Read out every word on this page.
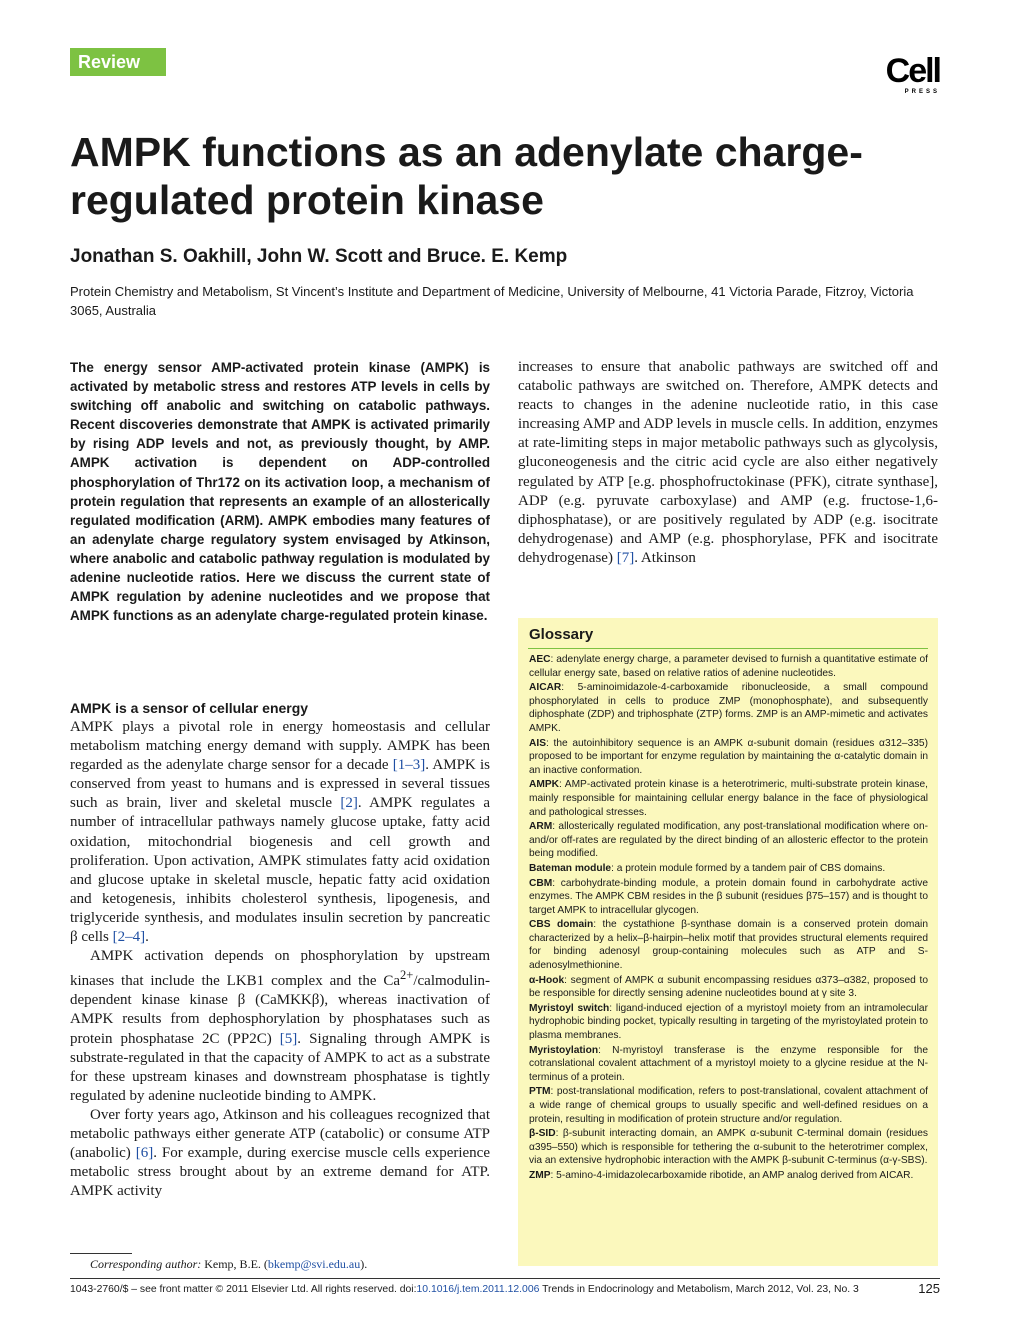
Review	Cell
PRESS
AMPK functions as an adenylate charge-regulated protein kinase
Jonathan S. Oakhill, John W. Scott and Bruce. E. Kemp
Protein Chemistry and Metabolism, St Vincent’s Institute and Department of Medicine, University of Melbourne, 41 Victoria Parade, Fitzroy, Victoria 3065, Australia
The energy sensor AMP-activated protein kinase (AMPK) is activated by metabolic stress and restores ATP levels in cells by switching off anabolic and switching on catabolic pathways. Recent discoveries demonstrate that AMPK is activated primarily by rising ADP levels and not, as previously thought, by AMP. AMPK activation is dependent on ADP-controlled phosphorylation of Thr172 on its activation loop, a mechanism of protein regulation that represents an example of an allosterically regulated modification (ARM). AMPK embodies many features of an adenylate charge regulatory system envisaged by Atkinson, where anabolic and catabolic pathway regulation is modulated by adenine nucleotide ratios. Here we discuss the current state of AMPK regulation by adenine nucleotides and we propose that AMPK functions as an adenylate charge-regulated protein kinase.
AMPK is a sensor of cellular energy

AMPK plays a pivotal role in energy homeostasis and cellular metabolism matching energy demand with supply. AMPK has been regarded as the adenylate charge sensor for a decade [1–3]. AMPK is conserved from yeast to humans and is expressed in several tissues such as brain, liver and skeletal muscle [2]. AMPK regulates a number of intracellular pathways namely glucose uptake, fatty acid oxidation, mitochondrial biogenesis and cell growth and proliferation. Upon activation, AMPK stimulates fatty acid oxidation and glucose uptake in skeletal muscle, hepatic fatty acid oxidation and ketogenesis, inhibits cholesterol synthesis, lipogenesis, and triglyceride synthesis, and modulates insulin secretion by pancreatic β cells [2–4].

AMPK activation depends on phosphorylation by upstream kinases that include the LKB1 complex and the $Ca^{2+}/calmodulin$-dependent kinase kinase β (CaMKKβ), whereas inactivation of AMPK results from dephosphorylation by phosphatases such as protein phosphatase 2C (PP2C) [5]. Signaling through AMPK is substrate-regulated in that the capacity of AMPK to act as a substrate for these upstream kinases and downstream phosphatase is tightly regulated by adenine nucleotide binding to AMPK.

Over forty years ago, Atkinson and his colleagues recognized that metabolic pathways either generate ATP (catabolic) or consume ATP (anabolic) [6]. For example, during exercise muscle cells experience metabolic stress brought about by an extreme demand for ATP. AMPK activity

increases to ensure that anabolic pathways are switched off and catabolic pathways are switched on. Therefore, AMPK detects and reacts to changes in the adenine nucleotide ratio, in this case increasing AMP and ADP levels in muscle cells. In addition, enzymes at rate-limiting steps in major metabolic pathways such as glycolysis, gluconeogenesis and the citric acid cycle are also either negatively regulated by ATP [e.g. phosphofructokinase (PFK), citrate synthase], ADP (e.g. pyruvate carboxylase) and AMP (e.g. fructose-1,6-diphosphatase), or are positively regulated by ADP (e.g. isocitrate dehydrogenase) and AMP (e.g. phosphorylase, PFK and isocitrate dehydrogenase) [7]. Atkinson

Glossary
AEC: adenylate energy charge, a parameter devised to furnish a quantitative estimate of cellular energy sate, based on relative ratios of adenine nucleotides.
AICAR: 5-aminoimidazole-4-carboxamide ribonucleoside, a small compound phosphorylated in cells to produce ZMP (monophosphate), and subsequently diphosphate (ZDP) and triphosphate (ZTP) forms. ZMP is an AMP-mimetic and activates AMPK.
AIS: the autoinhibitory sequence is an AMPK α-subunit domain (residues α312–335) proposed to be important for enzyme regulation by maintaining the α-catalytic domain in an inactive conformation.
AMPK: AMP-activated protein kinase is a heterotrimeric, multi-substrate protein kinase, mainly responsible for maintaining cellular energy balance in the face of physiological and pathological stresses.
ARM: allosterically regulated modification, any post-translational modification where on- and/or off-rates are regulated by the direct binding of an allosteric effector to the protein being modified.
Bateman module: a protein module formed by a tandem pair of CBS domains.
CBM: carbohydrate-binding module, a protein domain found in carbohydrate active enzymes. The AMPK CBM resides in the β subunit (residues β75–157) and is thought to target AMPK to intracellular glycogen.
CBS domain: the cystathione β-synthase domain is a conserved protein domain characterized by a helix–β-hairpin–helix motif that provides structural elements required for binding adenosyl group-containing molecules such as ATP and S-adenosylmethionine.
α-Hook: segment of AMPK α subunit encompassing residues α373–α382, proposed to be responsible for directly sensing adenine nucleotides bound at γ site 3.
Myristoyl switch: ligand-induced ejection of a myristoyl moiety from an intramolecular hydrophobic binding pocket, typically resulting in targeting of the myristoylated protein to plasma membranes.
Myristoylation: N-myristoyl transferase is the enzyme responsible for the cotranslational covalent attachment of a myristoyl moiety to a glycine residue at the N-terminus of a protein.
PTM: post-translational modification, refers to post-translational, covalent attachment of a wide range of chemical groups to usually specific and well-defined residues on a protein, resulting in modification of protein structure and/or regulation.
β-SID: β-subunit interacting domain, an AMPK α-subunit C-terminal domain (residues α395–550) which is responsible for tethering the α-subunit to the heterotrimer complex, via an extensive hydrophobic interaction with the AMPK β-subunit C-terminus (α-γ-SBS).
ZMP: 5-amino-4-imidazolecarboxamide ribotide, an AMP analog derived from AICAR.
Corresponding author: Kemp, B.E. (bkemp@svi.edu.au).
1043-2760/$ – see front matter © 2011 Elsevier Ltd. All rights reserved. doi:10.1016/j.tem.2011.12.006 Trends in Endocrinology and Metabolism, March 2012, Vol. 23, No. 3	125
